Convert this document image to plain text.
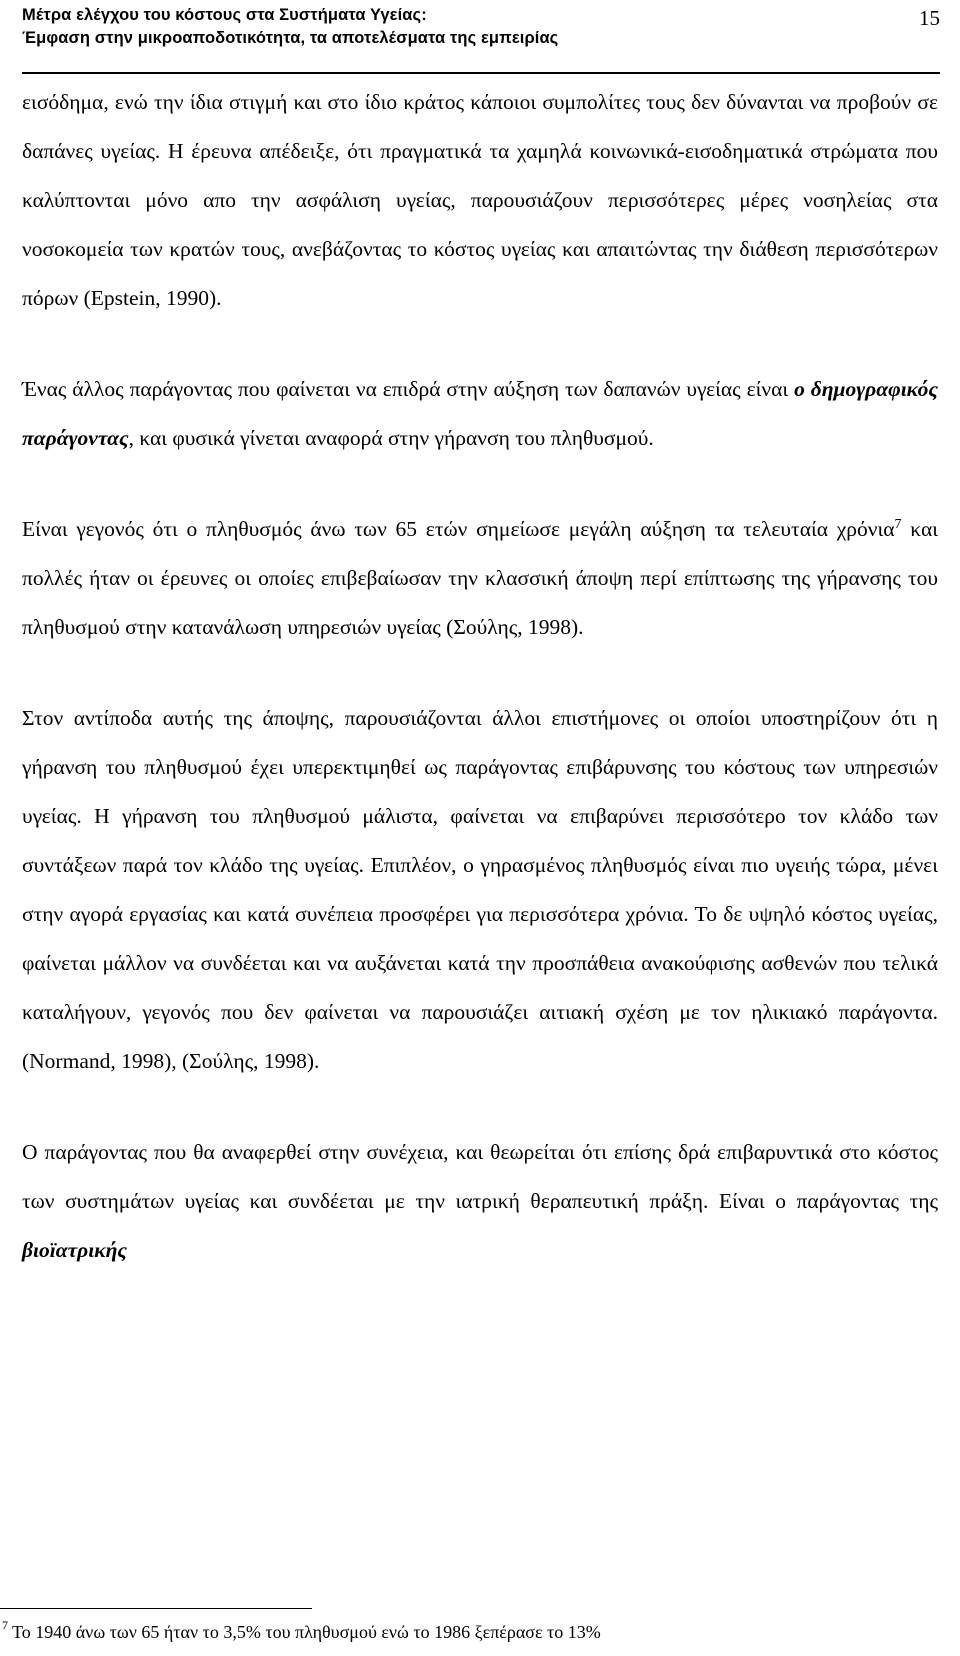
Μέτρα ελέγχου του κόστους στα Συστήματα Υγείας:
Έμφαση στην μικροαποδοτικότητα, τα αποτελέσματα της εμπειρίας
15

εισόδημα, ενώ την ίδια στιγμή και στο ίδιο κράτος κάποιοι συμπολίτες τους δεν δύνανται να προβούν σε δαπάνες υγείας. Η έρευνα απέδειξε, ότι πραγματικά τα χαμηλά κοινωνικά-εισοδηματικά στρώματα που καλύπτονται μόνο απο την ασφάλιση υγείας, παρουσιάζουν περισσότερες μέρες νοσηλείας στα νοσοκομεία των κρατών τους, ανεβάζοντας το κόστος υγείας και απαιτώντας την διάθεση περισσότερων πόρων (Epstein, 1990).

Ένας άλλος παράγοντας που φαίνεται να επιδρά στην αύξηση των δαπανών υγείας είναι ο δημογραφικός παράγοντας, και φυσικά γίνεται αναφορά στην γήρανση του πληθυσμού.

Είναι γεγονός ότι ο πληθυσμός άνω των 65 ετών σημείωσε μεγάλη αύξηση τα τελευταία χρόνια$^7$ και πολλές ήταν οι έρευνες οι οποίες επιβεβαίωσαν την κλασσική άποψη περί επίπτωσης της γήρανσης του πληθυσμού στην κατανάλωση υπηρεσιών υγείας (Σούλης, 1998).

Στον αντίποδα αυτής της άποψης, παρουσιάζονται άλλοι επιστήμονες οι οποίοι υποστηρίζουν ότι η γήρανση του πληθυσμού έχει υπερεκτιμηθεί ως παράγοντας επιβάρυνσης του κόστους των υπηρεσιών υγείας. Η γήρανση του πληθυσμού μάλιστα, φαίνεται να επιβαρύνει περισσότερο τον κλάδο των συντάξεων παρά τον κλάδο της υγείας. Επιπλέον, ο γηρασμένος πληθυσμός είναι πιο υγειής τώρα, μένει στην αγορά εργασίας και κατά συνέπεια προσφέρει για περισσότερα χρόνια. Το δε υψηλό κόστος υγείας, φαίνεται μάλλον να συνδέεται και να αυξάνεται κατά την προσπάθεια ανακούφισης ασθενών που τελικά καταλήγουν, γεγονός που δεν φαίνεται να παρουσιάζει αιτιακή σχέση με τον ηλικιακό παράγοντα. (Normand, 1998), (Σούλης, 1998).

Ο παράγοντας που θα αναφερθεί στην συνέχεια, και θεωρείται ότι επίσης δρά επιβαρυντικά στο κόστος των συστημάτων υγείας και συνδέεται με την ιατρική θεραπευτική πράξη. Είναι ο παράγοντας της βιοϊατρικής

$^7$ Το 1940 άνω των 65 ήταν το 3,5% του πληθυσμού ενώ το 1986 ξεπέρασε το 13%
